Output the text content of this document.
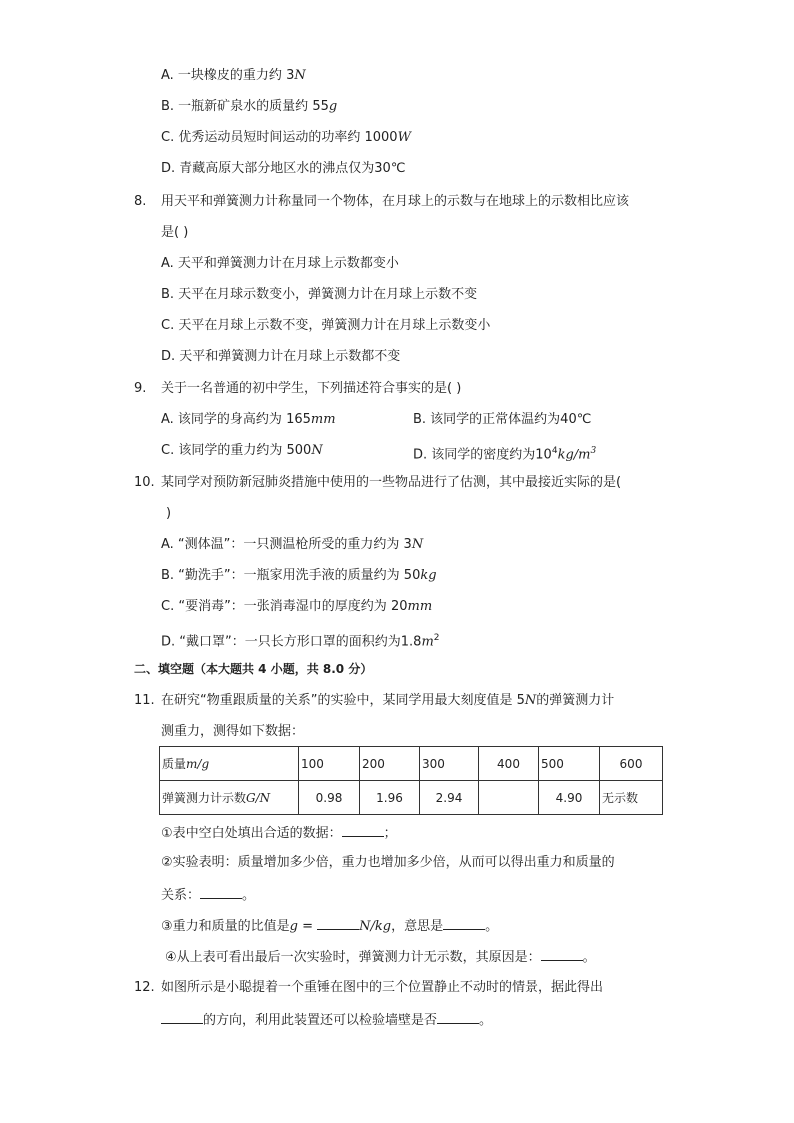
A. 一块橡皮的重力约 3N
B. 一瓶新矿泉水的质量约 55g
C. 优秀运动员短时间运动的功率约 1000W
D. 青藏高原大部分地区水的沸点仅为30℃
8. 用天平和弹簧测力计称量同一个物体，在月球上的示数与在地球上的示数相比应该
是( )
A. 天平和弹簧测力计在月球上示数都变小
B. 天平在月球示数变小，弹簧测力计在月球上示数不变
C. 天平在月球上示数不变，弹簧测力计在月球上示数变小
D. 天平和弹簧测力计在月球上示数都不变
9. 关于一名普通的初中学生，下列描述符合事实的是( )
A. 该同学的身高约为 165mm	B. 该同学的正常体温约为40℃
C. 该同学的重力约为 500N	D. 该同学的密度约为$10^4kg/m^3$
10. 某同学对预防新冠肺炎措施中使用的一些物品进行了估测，其中最接近实际的是(
)
A. “测体温”：一只测温枪所受的重力约为 3N
B. “勤洗手”：一瓶家用洗手液的质量约为 50kg
C. “要消毒”：一张消毒湿巾的厚度约为 20mm
D. “戴口罩”：一只长方形口罩的面积约为$1.8m^2$
二、填空题（本大题共 4 小题，共 8.0 分）
11. 在研究“物重跟质量的关系”的实验中，某同学用最大刻度值是 5N的弹簧测力计
测重力，测得如下数据：
质量m/g	100	200	300	400	500	600
弹簧测力计示数G/N	0.98	1.96	2.94		4.90	无示数
①表中空白处填出合适的数据：	；
②实验表明：质量增加多少倍，重力也增加多少倍，从而可以得出重力和质量的
关系：	。
③重力和质量的比值是g =	N/kg，意思是	。
④从上表可看出最后一次实验时，弹簧测力计无示数，其原因是：	。
12. 如图所示是小聪提着一个重锤在图中的三个位置静止不动时的情景，据此得出
的方向，利用此装置还可以检验墙壁是否	。
